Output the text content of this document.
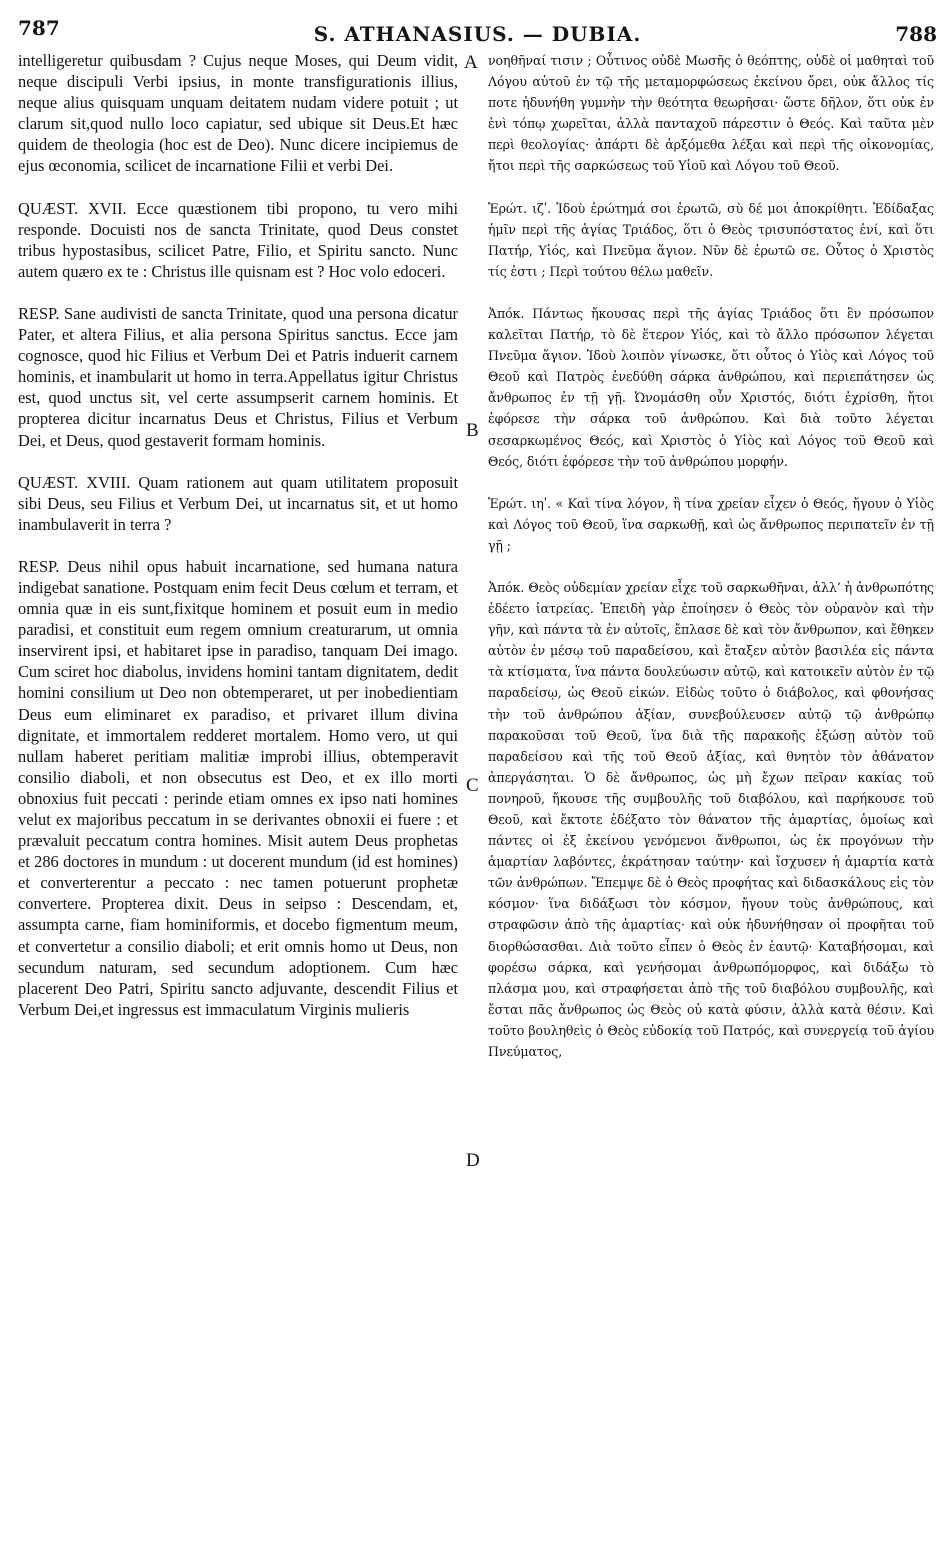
787	S. ATHANASIUS. — DUBIA.	788

intelligeretur quibusdam ? Cujus neque Moses, qui Deum vidit, neque discipuli Verbi ipsius, in monte transfigurationis illius, neque alius quisquam unquam deitatem nudam videre potuit ; ut clarum sit,quod nullo loco capiatur, sed ubique sit Deus.Et hæc quidem de theologia (hoc est de Deo). Nunc dicere incipiemus de ejus œconomia, scilicet de incarnatione Filii et verbi Dei.

QUÆST. XVII. Ecce quæstionem tibi propono, tu vero mihi responde. Docuisti nos de sancta Trinitate, quod Deus constet tribus hypostasibus, scilicet Patre, Filio, et Spiritu sancto. Nunc autem quæro ex te : Christus ille quisnam est ? Hoc volo edoceri.

RESP. Sane audivisti de sancta Trinitate, quod una persona dicatur Pater, et altera Filius, et alia persona Spiritus sanctus. Ecce jam cognosce, quod hic Filius et Verbum Dei et Patris induerit carnem hominis, et inambularit ut homo in terra.Appellatus igitur Christus est, quod unctus sit, vel certe assumpserit carnem hominis. Et propterea dicitur incarnatus Deus et Christus, Filius et Verbum Dei, et Deus, quod gestaverit formam hominis.

QUÆST. XVIII. Quam rationem aut quam utilitatem proposuit sibi Deus, seu Filius et Verbum Dei, ut incarnatus sit, et ut homo inambulaverit in terra ?

RESP. Deus nihil opus habuit incarnatione, sed humana natura indigebat sanatione. Postquam enim fecit Deus cœlum et terram, et omnia quæ in eis sunt,fixitque hominem et posuit eum in medio paradisi, et constituit eum regem omnium creaturarum, ut omnia inservirent ipsi, et habitaret ipse in paradiso, tanquam Dei imago. Cum sciret hoc diabolus, invidens homini tantam dignitatem, dedit homini consilium ut Deo non obtemperaret, ut per inobedientiam Deus eum eliminaret ex paradiso, et privaret illum divina dignitate, et immortalem redderet mortalem. Homo vero, ut qui nullam haberet peritiam malitiæ improbi illius, obtemperavit consilio diaboli, et non obsecutus est Deo, et ex illo morti obnoxius fuit peccati : perinde etiam omnes ex ipso nati homines velut ex majoribus peccatum in se derivantes obnoxii ei fuere : et prævaluit peccatum contra homines. Misit autem Deus prophetas et 286 doctores in mundum : ut docerent mundum (id est homines) et converterentur a peccato : nec tamen potuerunt prophetæ convertere. Propterea dixit. Deus in seipso : Descendam, et, assumpta carne, fiam hominiformis, et docebo figmentum meum, et convertetur a consilio diaboli; et erit omnis homo ut Deus, non secundum naturam, sed secundum adoptionem. Cum hæc placerent Deo Patri, Spiritu sancto adjuvante, descendit Filius et Verbum Dei,et ingressus est immaculatum Virginis mulieris

A
B
C
D

νοηθῆναί τισιν ; Οὗτινος οὐδὲ Μωσῆς ὁ θεόπτης, οὐδὲ οἱ μαθηταὶ τοῦ Λόγου αὐτοῦ ἐν τῷ τῆς μεταμορφώσεως ἐκείνου ὄρει, οὐκ ἄλλος τίς ποτε ἠδυνήθη γυμνὴν τὴν θεότητα θεωρῆσαι· ὥστε δῆλον, ὅτι οὐκ ἐν ἑνὶ τόπῳ χωρεῖται, ἀλλὰ πανταχοῦ πάρεστιν ὁ Θεός. Καὶ ταῦτα μὲν περὶ θεολογίας· ἀπάρτι δὲ ἀρξόμεθα λέξαι καὶ περὶ τῆς οἰκονομίας, ἤτοι περὶ τῆς σαρκώσεως τοῦ Υἱοῦ καὶ Λόγου τοῦ Θεοῦ.

Ἐρώτ. ιζʹ. Ἰδοὺ ἐρώτημά σοι ἐρωτῶ, σὺ δέ μοι ἀποκρίθητι. Ἐδίδαξας ἡμῖν περὶ τῆς ἁγίας Τριάδος, ὅτι ὁ Θεὸς τρισυπόστατος ἐνί, καὶ ὅτι Πατήρ, Υἱός, καὶ Πνεῦμα ἅγιον. Νῦν δὲ ἐρωτῶ σε. Οὗτος ὁ Χριστὸς τίς ἐστι ; Περὶ τούτου θέλω μαθεῖν.

Ἀπόκ. Πάντως ἤκουσας περὶ τῆς ἁγίας Τριάδος ὅτι ἓν πρόσωπον καλεῖται Πατήρ, τὸ δὲ ἕτερον Υἱός, καὶ τὸ ἄλλο πρόσωπον λέγεται Πνεῦμα ἅγιον. Ἰδοὺ λοιπὸν γίνωσκε, ὅτι οὗτος ὁ Υἱὸς καὶ Λόγος τοῦ Θεοῦ καὶ Πατρὸς ἐνεδύθη σάρκα ἀνθρώπου, καὶ περιεπάτησεν ὡς ἄνθρωπος ἐν τῇ γῇ. Ὠνομάσθη οὖν Χριστός, διότι ἐχρίσθη, ἤτοι ἐφόρεσε τὴν σάρκα τοῦ ἀνθρώπου. Καὶ διὰ τοῦτο λέγεται σεσαρκωμένος Θεός, καὶ Χριστὸς ὁ Υἱὸς καὶ Λόγος τοῦ Θεοῦ καὶ Θεός, διότι ἐφόρεσε τὴν τοῦ ἀνθρώπου μορφήν.

Ἐρώτ. ιηʹ. « Καὶ τίνα λόγον, ἢ τίνα χρείαν εἶχεν ὁ Θεός, ἤγουν ὁ Υἱὸς καὶ Λόγος τοῦ Θεοῦ, ἵνα σαρκωθῇ, καὶ ὡς ἄνθρωπος περιπατεῖν ἐν τῇ γῇ ;

Ἀπόκ. Θεὸς οὐδεμίαν χρείαν εἶχε τοῦ σαρκωθῆναι, ἀλλ’ ἡ ἀνθρωπότης ἐδέετο ἰατρείας. Ἐπειδὴ γὰρ ἐποίησεν ὁ Θεὸς τὸν οὐρανὸν καὶ τὴν γῆν, καὶ πάντα τὰ ἐν αὐτοῖς, ἔπλασε δὲ καὶ τὸν ἄνθρωπον, καὶ ἔθηκεν αὐτὸν ἐν μέσῳ τοῦ παραδείσου, καὶ ἔταξεν αὐτὸν βασιλέα εἰς πάντα τὰ κτίσματα, ἵνα πάντα δουλεύωσιν αὐτῷ, καὶ κατοικεῖν αὐτὸν ἐν τῷ παραδείσῳ, ὡς Θεοῦ εἰκών. Εἰδὼς τοῦτο ὁ διάβολος, καὶ φθονήσας τὴν τοῦ ἀνθρώπου ἀξίαν, συνεβούλευσεν αὐτῷ τῷ ἀνθρώπῳ παρακοῦσαι τοῦ Θεοῦ, ἵνα διὰ τῆς παρακοῆς ἐξώσῃ αὐτὸν τοῦ παραδείσου καὶ τῆς τοῦ Θεοῦ ἀξίας, καὶ θνητὸν τὸν ἀθάνατον ἀπεργάσηται. Ὁ δὲ ἄνθρωπος, ὡς μὴ ἔχων πεῖραν κακίας τοῦ πονηροῦ, ἤκουσε τῆς συμβουλῆς τοῦ διαβόλου, καὶ παρήκουσε τοῦ Θεοῦ, καὶ ἔκτοτε ἐδέξατο τὸν θάνατον τῆς ἁμαρτίας, ὁμοίως καὶ πάντες οἱ ἐξ ἐκείνου γενόμενοι ἄνθρωποι, ὡς ἐκ προγόνων τὴν ἁμαρτίαν λαβόντες, ἐκράτησαν ταύτην· καὶ ἴσχυσεν ἡ ἁμαρτία κατὰ τῶν ἀνθρώπων. Ἔπεμψε δὲ ὁ Θεὸς προφήτας καὶ διδασκάλους εἰς τὸν κόσμον· ἵνα διδάξωσι τὸν κόσμον, ἤγουν τοὺς ἀνθρώπους, καὶ στραφῶσιν ἀπὸ τῆς ἁμαρτίας· καὶ οὐκ ἠδυνήθησαν οἱ προφῆται τοῦ διορθώσασθαι. Διὰ τοῦτο εἶπεν ὁ Θεὸς ἐν ἑαυτῷ· Καταβήσομαι, καὶ φορέσω σάρκα, καὶ γενήσομαι ἀνθρωπόμορφος, καὶ διδάξω τὸ πλάσμα μου, καὶ στραφήσεται ἀπὸ τῆς τοῦ διαβόλου συμβουλῆς, καὶ ἔσται πᾶς ἄνθρωπος ὡς Θεὸς οὐ κατὰ φύσιν, ἀλλὰ κατὰ θέσιν. Καὶ τοῦτο βουληθεὶς ὁ Θεὸς εὐδοκίᾳ τοῦ Πατρός, καὶ συνεργείᾳ τοῦ ἁγίου Πνεύματος,
